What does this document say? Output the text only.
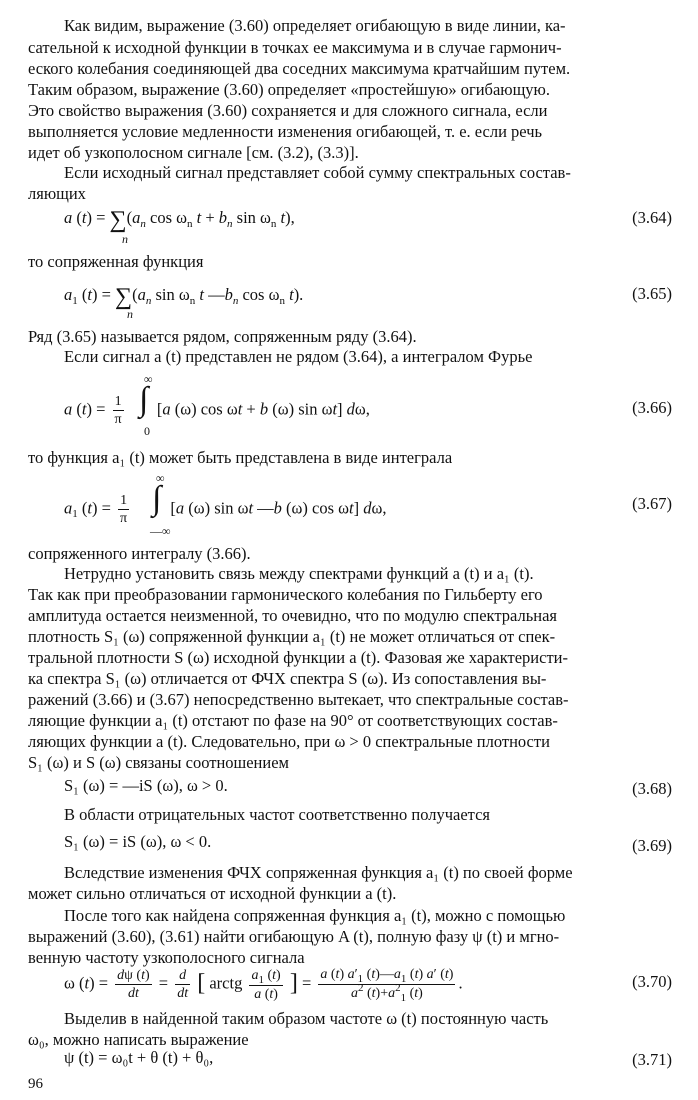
Как видим, выражение (3.60) определяет огибающую в виде линии, ка-
сательной к исходной функции в точках ее максимума и в случае гармонич-
еского колебания соединяющей два соседних максимума кратчайшим путем.
Таким образом, выражение (3.60) определяет «простейшую» огибающую.
Это свойство выражения (3.60) сохраняется и для сложного сигнала, если
выполняется условие медленности изменения огибающей, т. е. если речь
идет об узкополосном сигнале [см. (3.2), (3.3)].
Если исходный сигнал представляет собой сумму спектральных состав-
ляющих
a $(t) = \sum(a_n$ $\cos \omega_n$ $t + b_n$ $\sin \omega_n$ t),
n
(3.64)
то сопряженная функция
$a_1$ $(t) = \sum(a_n$ $\sin \omega_n$ t $—b_n$ $\cos \omega_n$ t).
n
(3.65)
Ряд (3.65) называется рядом, сопряженным ряду (3.64).
Если сигнал a (t) представлен не рядом (3.64), а интегралом Фурье
a $(t) = \frac{1}{\pi} [a$ (ω) cos ωt + b (ω) sin ωt] dω,
∫
∞
0
(3.66)
то функция a₁ (t) может быть представлена в виде интеграла
$a_1$ $(t) = \frac{1}{\pi} [a$ (ω) sin ωt —b (ω) cos ωt] dω,
∫
∞
—∞
(3.67)
сопряженного интегралу (3.66).
Нетрудно установить связь между спектрами функций a (t) и a₁ (t).
Так как при преобразовании гармонического колебания по Гильберту его
амплитуда остается неизменной, то очевидно, что по модулю спектральная
плотность S₁ (ω) сопряженной функции a₁ (t) не может отличаться от спек-
тральной плотности S (ω) исходной функции a (t). Фазовая же характеристи-
ка спектра S₁ (ω) отличается от ФЧХ спектра S (ω). Из сопоставления вы-
ражений (3.66) и (3.67) непосредственно вытекает, что спектральные состав-
ляющие функции a₁ (t) отстают по фазе на 90° от соответствующих состав-
ляющих функции a (t). Следовательно, при ω > 0 спектральные плотности
S₁ (ω) и S (ω) связаны соотношением
S₁ (ω) = —iS (ω), ω > 0.	(3.68)
В области отрицательных частот соответственно получается
S₁ (ω) = iS (ω), ω < 0.	(3.69)
Вследствие изменения ФЧХ сопряженная функция a₁ (t) по своей форме
может сильно отличаться от исходной функции a (t).
После того как найдена сопряженная функция a₁ (t), можно с помощью
выражений (3.60), (3.61) найти огибающую A (t), полную фазу ψ (t) и мгно-
венную частоту узкополосного сигнала
ω $(t) = \frac{d\psi (t)}{dt} = \frac{d}{dt}$ [ arctg $\frac{a_1 (t)}{a (t)}$ ] = $\frac{a (t) a'_1 (t)—a_1 (t) a' (t)}{a^2 (t)+a^2_1 (t)}$ .	(3.70)
Выделив в найденной таким образом частоте ω (t) постоянную часть
ω₀, можно написать выражение
ψ (t) = ω₀t + θ (t) + θ₀,	(3.71)
96
